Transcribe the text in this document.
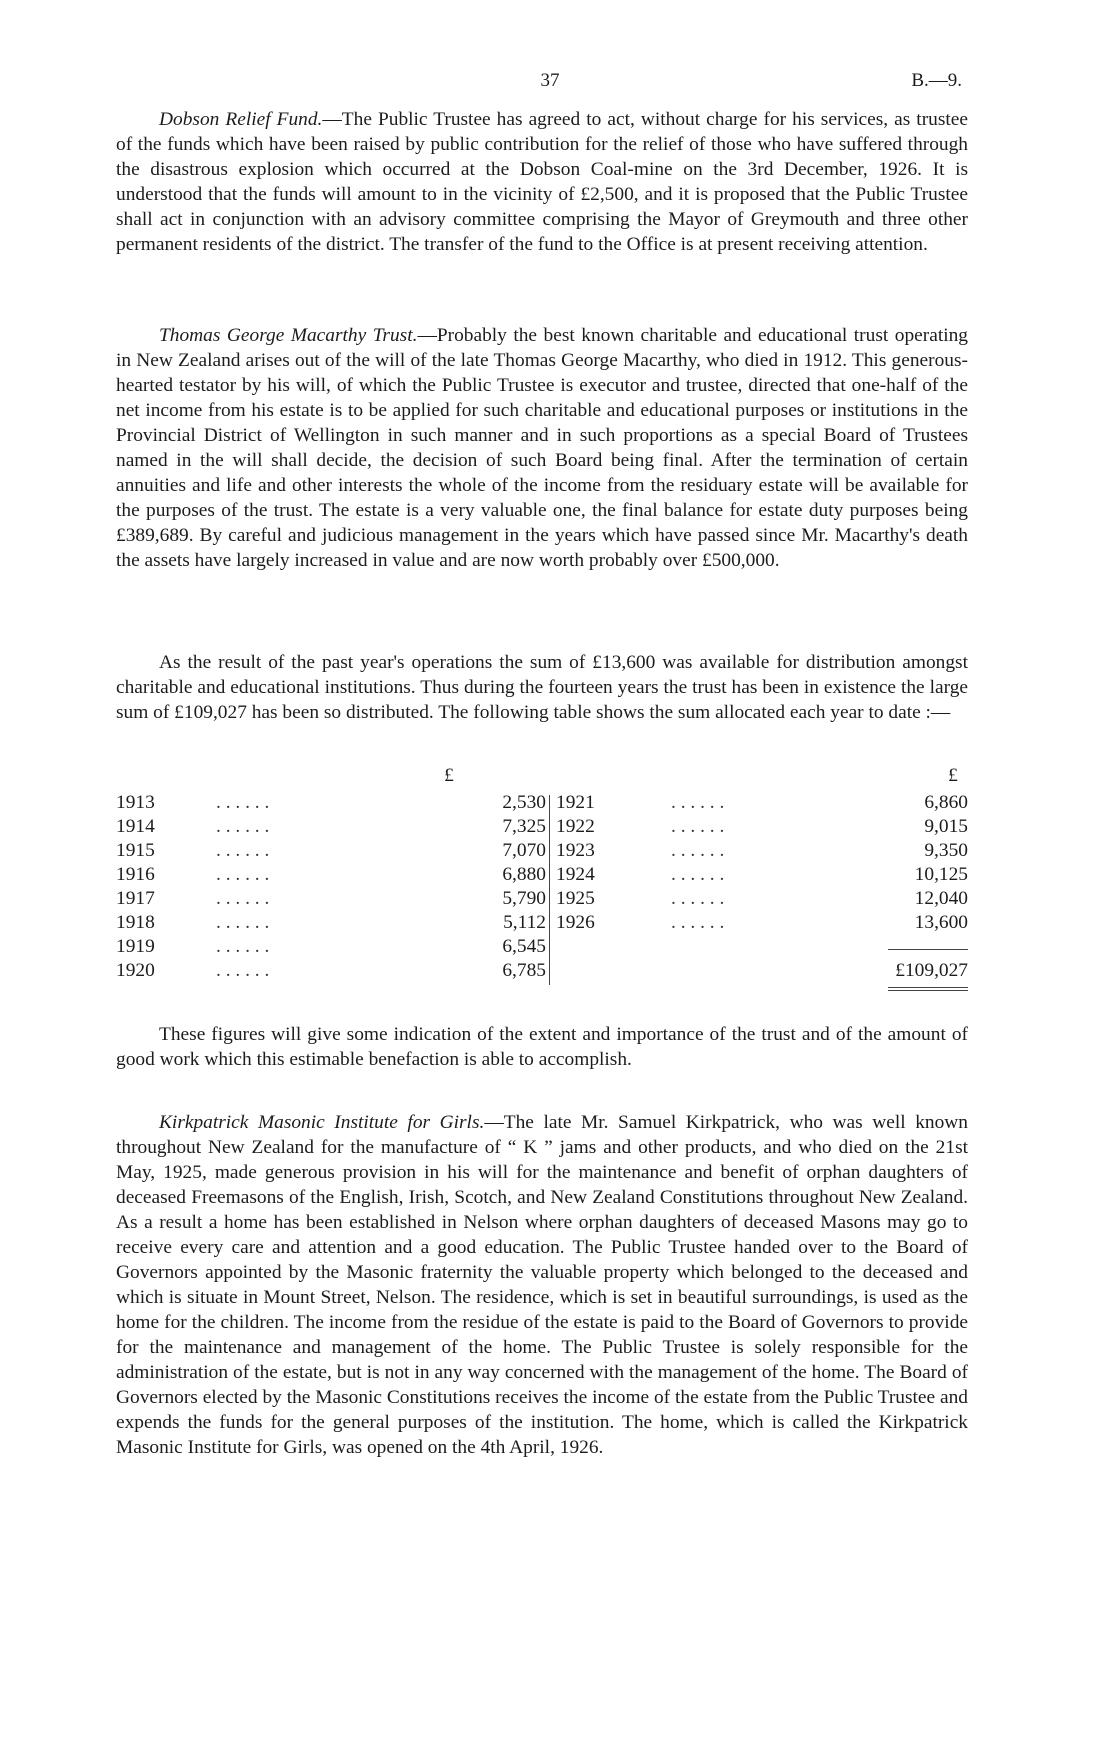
37	B.—9.

Dobson Relief Fund.—The Public Trustee has agreed to act, without charge for his services, as trustee of the funds which have been raised by public contribution for the relief of those who have suffered through the disastrous explosion which occurred at the Dobson Coal-mine on the 3rd December, 1926. It is understood that the funds will amount to in the vicinity of £2,500, and it is proposed that the Public Trustee shall act in conjunction with an advisory committee comprising the Mayor of Greymouth and three other permanent residents of the district. The transfer of the fund to the Office is at present receiving attention.

Thomas George Macarthy Trust.—Probably the best known charitable and educational trust operating in New Zealand arises out of the will of the late Thomas George Macarthy, who died in 1912. This generous-hearted testator by his will, of which the Public Trustee is executor and trustee, directed that one-half of the net income from his estate is to be applied for such charitable and educational purposes or institutions in the Provincial District of Wellington in such manner and in such proportions as a special Board of Trustees named in the will shall decide, the decision of such Board being final. After the termination of certain annuities and life and other interests the whole of the income from the residuary estate will be available for the purposes of the trust. The estate is a very valuable one, the final balance for estate duty purposes being £389,689. By careful and judicious management in the years which have passed since Mr. Macarthy's death the assets have largely increased in value and are now worth probably over £500,000.

As the result of the past year's operations the sum of £13,600 was available for distribution amongst charitable and educational institutions. Thus during the fourteen years the trust has been in existence the large sum of £109,027 has been so distributed. The following table shows the sum allocated each year to date :—

£	£
1913	. . . . . .	2,530
1914	. . . . . .	7,325
1915	. . . . . .	7,070
1916	. . . . . .	6,880
1917	. . . . . .	5,790
1918	. . . . . .	5,112
1919	. . . . . .	6,545
1920	. . . . . .	6,785
1921	. . . . . .	6,860
1922	. . . . . .	9,015
1923	. . . . . .	9,350
1924	. . . . . .	10,125
1925	. . . . . .	12,040
1926	. . . . . .	13,600
£109,027

These figures will give some indication of the extent and importance of the trust and of the amount of good work which this estimable benefaction is able to accomplish.

Kirkpatrick Masonic Institute for Girls.—The late Mr. Samuel Kirkpatrick, who was well known throughout New Zealand for the manufacture of “ K ” jams and other products, and who died on the 21st May, 1925, made generous provision in his will for the maintenance and benefit of orphan daughters of deceased Freemasons of the English, Irish, Scotch, and New Zealand Constitutions throughout New Zealand. As a result a home has been established in Nelson where orphan daughters of deceased Masons may go to receive every care and attention and a good education. The Public Trustee handed over to the Board of Governors appointed by the Masonic fraternity the valuable property which belonged to the deceased and which is situate in Mount Street, Nelson. The residence, which is set in beautiful surroundings, is used as the home for the children. The income from the residue of the estate is paid to the Board of Governors to provide for the maintenance and management of the home. The Public Trustee is solely responsible for the administration of the estate, but is not in any way concerned with the management of the home. The Board of Governors elected by the Masonic Constitutions receives the income of the estate from the Public Trustee and expends the funds for the general purposes of the institution. The home, which is called the Kirkpatrick Masonic Institute for Girls, was opened on the 4th April, 1926.
